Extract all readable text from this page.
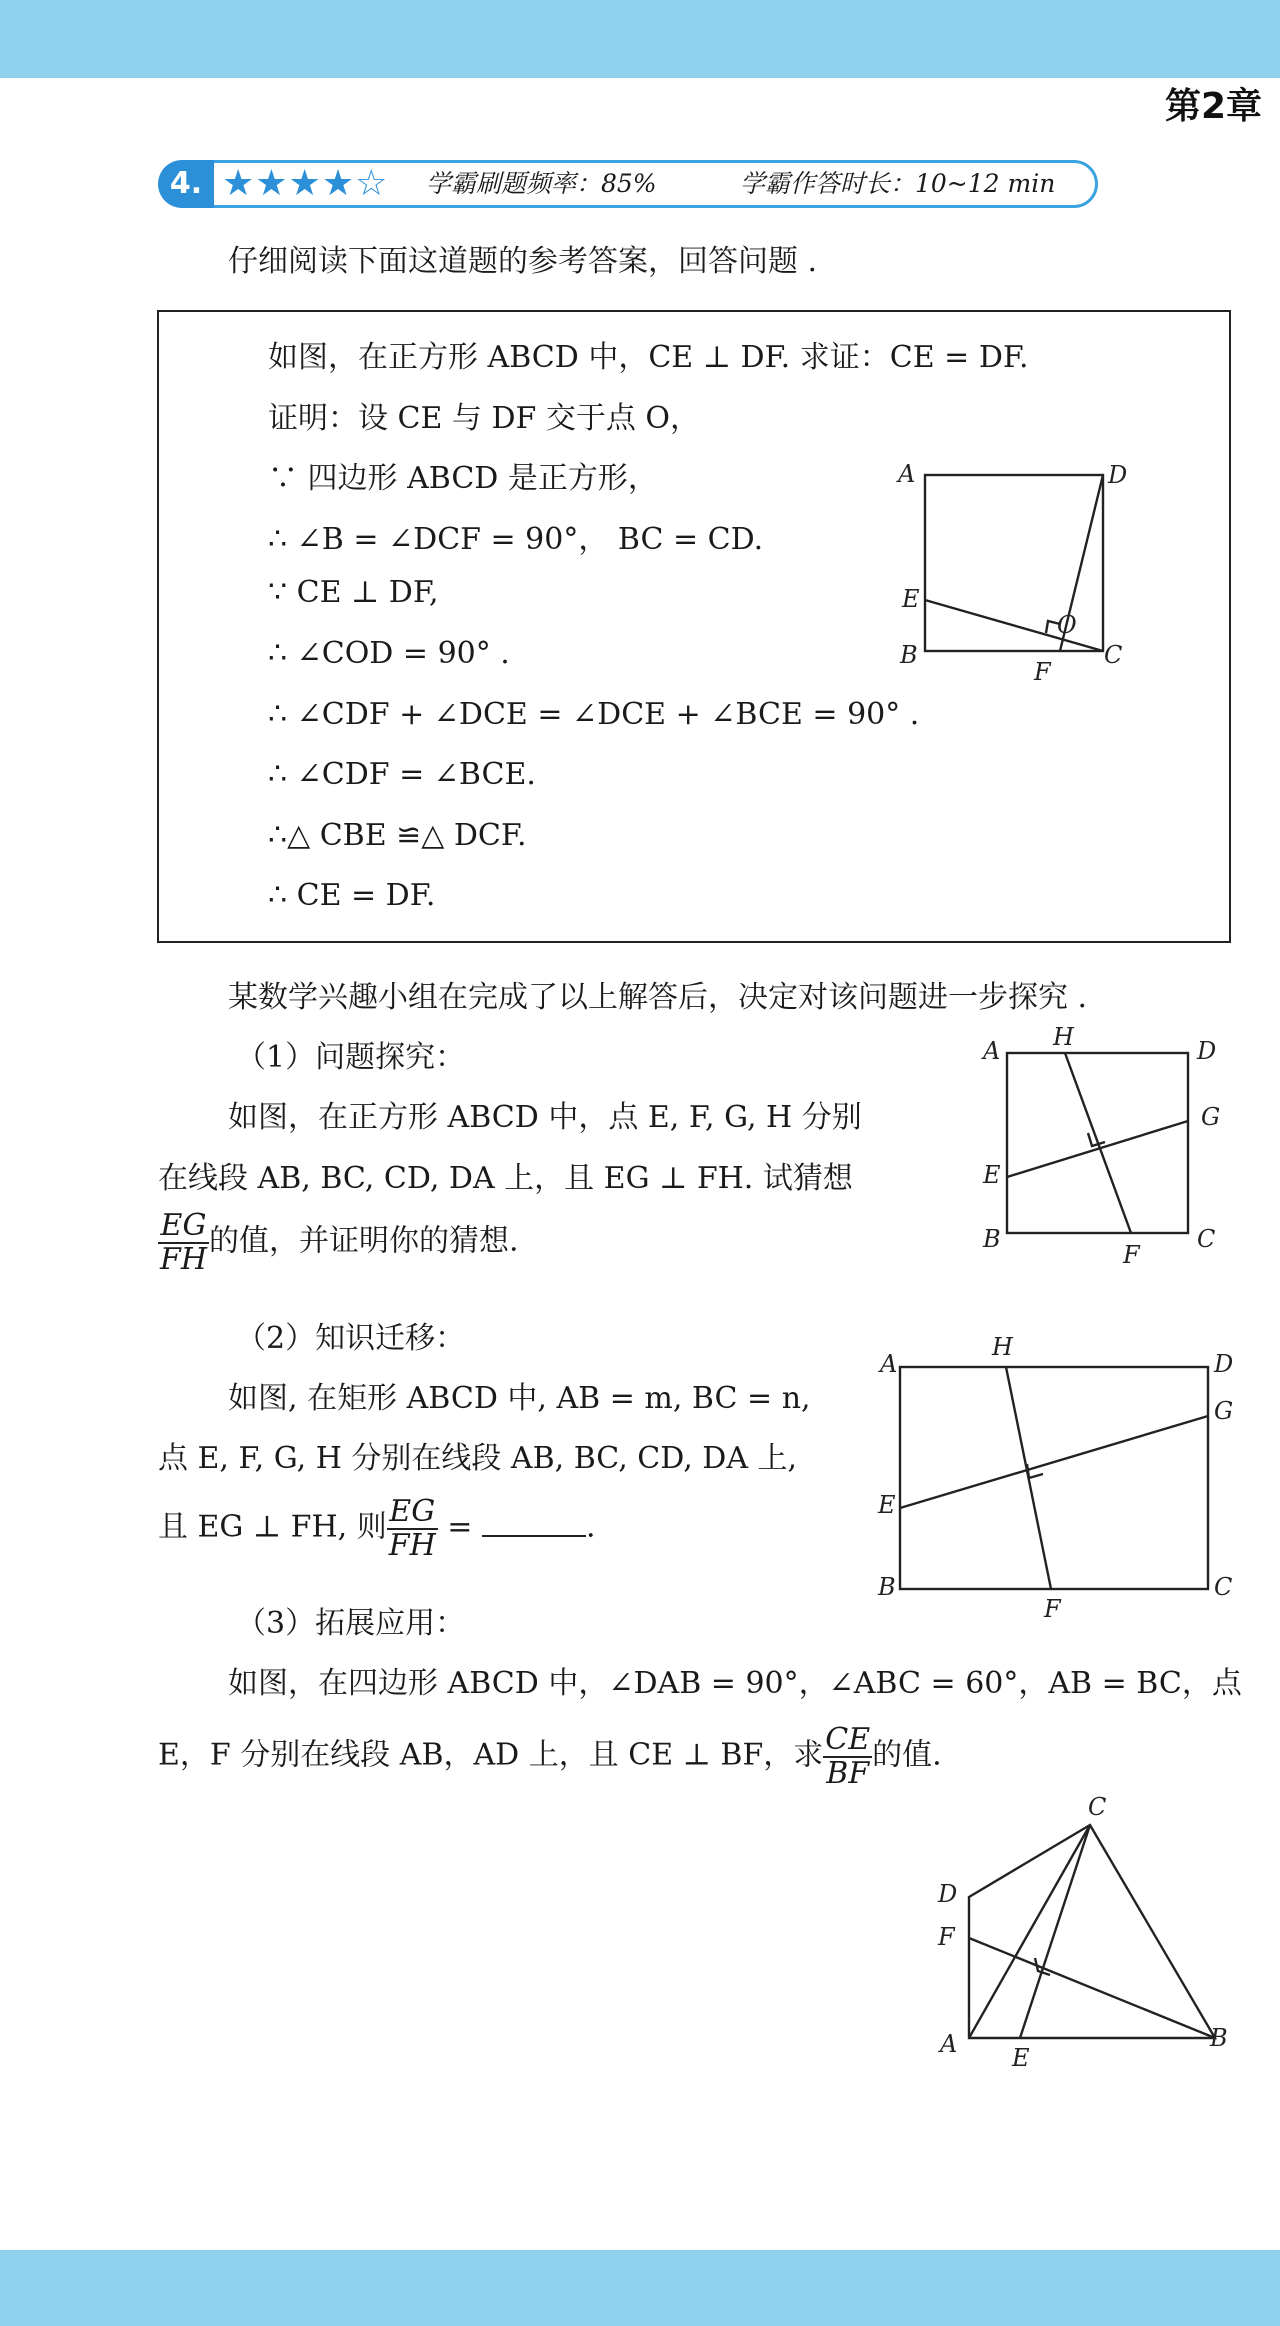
第2章
4. ★★★★☆ 学霸刷题频率：85%	学霸作答时长：10~12 min
仔细阅读下面这道题的参考答案，回答问题 .
如图，在正方形 ABCD 中，CE ⊥ DF. 求证：CE = DF.
证明：设 CE 与 DF 交于点 O，
∵ 四边形 ABCD 是正方形，
∴ ∠B = ∠DCF = 90°， BC = CD.
∵ CE ⊥ DF,
∴ ∠COD = 90° .
∴ ∠CDF + ∠DCE = ∠DCE + ∠BCE = 90° .
∴ ∠CDF = ∠BCE.
∴△ CBE ≌△ DCF.
∴ CE = DF.
A	D
E
B	C
F
O
某数学兴趣小组在完成了以上解答后，决定对该问题进一步探究 .
（1）问题探究：
如图，在正方形 ABCD 中，点 E, F, G, H 分别
在线段 AB, BC, CD, DA 上，且 EG ⊥ FH. 试猜想
$\frac{EG}{FH}$ 的值，并证明你的猜想.
A H	D
G
E
B	C
F
（2）知识迁移：
如图, 在矩形 ABCD 中, AB = m, BC = n,
点 E, F, G, H 分别在线段 AB, BC, CD, DA 上,
且 EG ⊥ FH, 则 $\frac{EG}{FH}$ =	.
A
H
D
G
E
B	C
F
（3）拓展应用：
如图，在四边形 ABCD 中，∠DAB = 90°，∠ABC = 60°，AB = BC，点
E，F 分别在线段 AB，AD 上，且 CE ⊥ BF，求 $\frac{CE}{BF}$ 的值.
C
D
F
A E
B
